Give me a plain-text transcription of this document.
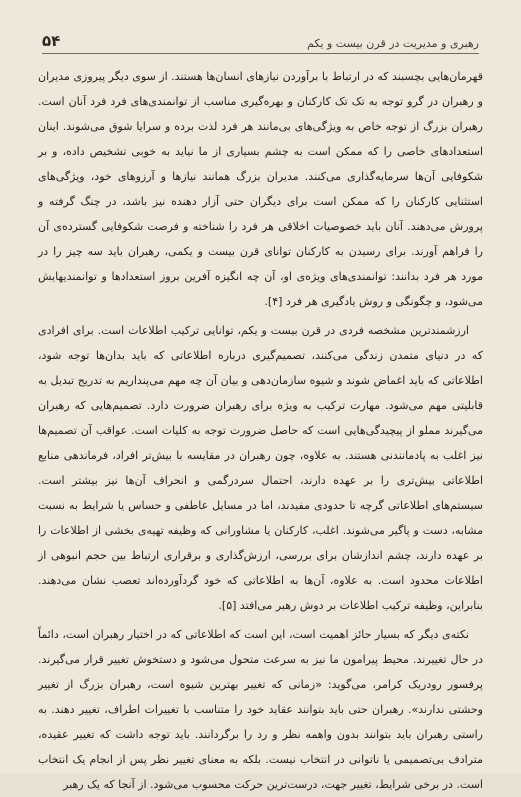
۵۴	رهبری و مدیریت در قرن بیست و یکم

قهرمان‌هایی بچسبند که در ارتباط با برآوردن نیازهای انسان‌ها هستند. از سوی دیگر پیروزی مدیران و رهبران در گرو توجه به تک تک کارکنان و بهره‌گیری مناسب از توانمندی‌های فرد فرد آنان است. رهبران بزرگ از توجه خاص به ویژگی‌های بی‌مانند هر فرد لذت برده و سرایا شوق می‌شوند. اینان استعدادهای خاصی را که ممکن است به چشم بسیاری از ما نیاید به خوبی تشخیص داده، و بر شکوفایی آن‌ها سرمایه‌گذاری می‌کنند. مدیران بزرگ همانند نیازها و آرزوهای خود، ویژگی‌های استثنایی کارکنان را که ممکن است برای دیگران حتی آزار دهنده نیز باشد، در چنگ گرفته و پرورش می‌دهند. آنان باید خصوصیات اخلاقی هر فرد را شناخته و فرصت شکوفایی گسترده‌ی آن را فراهم آورند. برای رسیدن به کارکنان توانای قرن بیست و یکمی، رهبران باید سه چیز را در مورد هر فرد بدانند: توانمندی‌های ویژه‌ی او، آن چه انگیزه آفرین بروز استعدادها و توانمندیهایش می‌شود، و چگونگی و روش یادگیری هر فرد [۴].

ارزشمندترین مشخصه فردی در قرن بیست و یکم، توانایی ترکیب اطلاعات است. برای افرادی که در دنیای متمدن زندگی می‌کنند، تصمیم‌گیری درباره اطلاعاتی که باید بدان‌ها توجه شود، اطلاعاتی که باید اغماض شوند و شیوه سازمان‌دهی و بیان آن چه مهم می‌پنداریم به تدریج تبدیل به قابلیتی مهم می‌شود. مهارت ترکیب به ویژه برای رهبران ضرورت دارد. تصمیم‌هایی که رهبران می‌گیرند مملو از پیچیدگی‌هایی است که حاصل ضرورت توجه به کلیات است. عواقب آن تصمیم‌ها نیز اغلب به پادمانندنی هستند. به علاوه، چون رهبران در مقایسه با بیش‌تر افراد، فرماندهی منابع اطلاعاتی بیش‌تری را بر عهده دارند، احتمال سردرگمی و انحراف آن‌ها نیز بیشتر است. سیستم‌های اطلاعاتی گرچه تا حدودی مفیدند، اما در مسایل عاطفی و حساس یا شرایط به نسبت مشابه، دست و پاگیر می‌شوند. اغلب، کارکنان یا مشاورانی که وظیفه تهیه‌ی بخشی از اطلاعات را بر عهده دارند، چشم اندازشان برای بررسی، ارزش‌گذاری و برقراری ارتباط بین حجم انبوهی از اطلاعات محدود است. به علاوه، آن‌ها به اطلاعاتی که خود گردآورده‌اند تعصب نشان می‌دهند. بنابراین، وظیفه ترکیب اطلاعات بر دوش رهبر می‌افتد [۵].

نکته‌ی دیگر که بسیار حائز اهمیت است، این است که اطلاعاتی که در اختیار رهبران است، دائماً در حال تغییرند. محیط پیرامون ما نیز به سرعت متحول می‌شود و دستخوش تغییر قرار می‌گیرند. پرفسور رودریک کرامر، می‌گوید: «زمانی که تغییر بهترین شیوه است، رهبران بزرگ از تغییر وحشتی ندارند». رهبران حتی باید بتوانند عقاید خود را متناسب با تغییرات اطراف، تغییر دهند. به راستی رهبران باید بتوانند بدون واهمه نظر و رد را برگردانند. باید توجه داشت که تغییر عقیده، مترادف بی‌تصمیمی یا ناتوانی در انتخاب نیست. بلکه به معنای تغییر نظر پس از انجام یک انتخاب است. در برخی شرایط، تغییر جهت، درست‌ترین حرکت محسوب می‌شود. از آنجا که یک رهبر
